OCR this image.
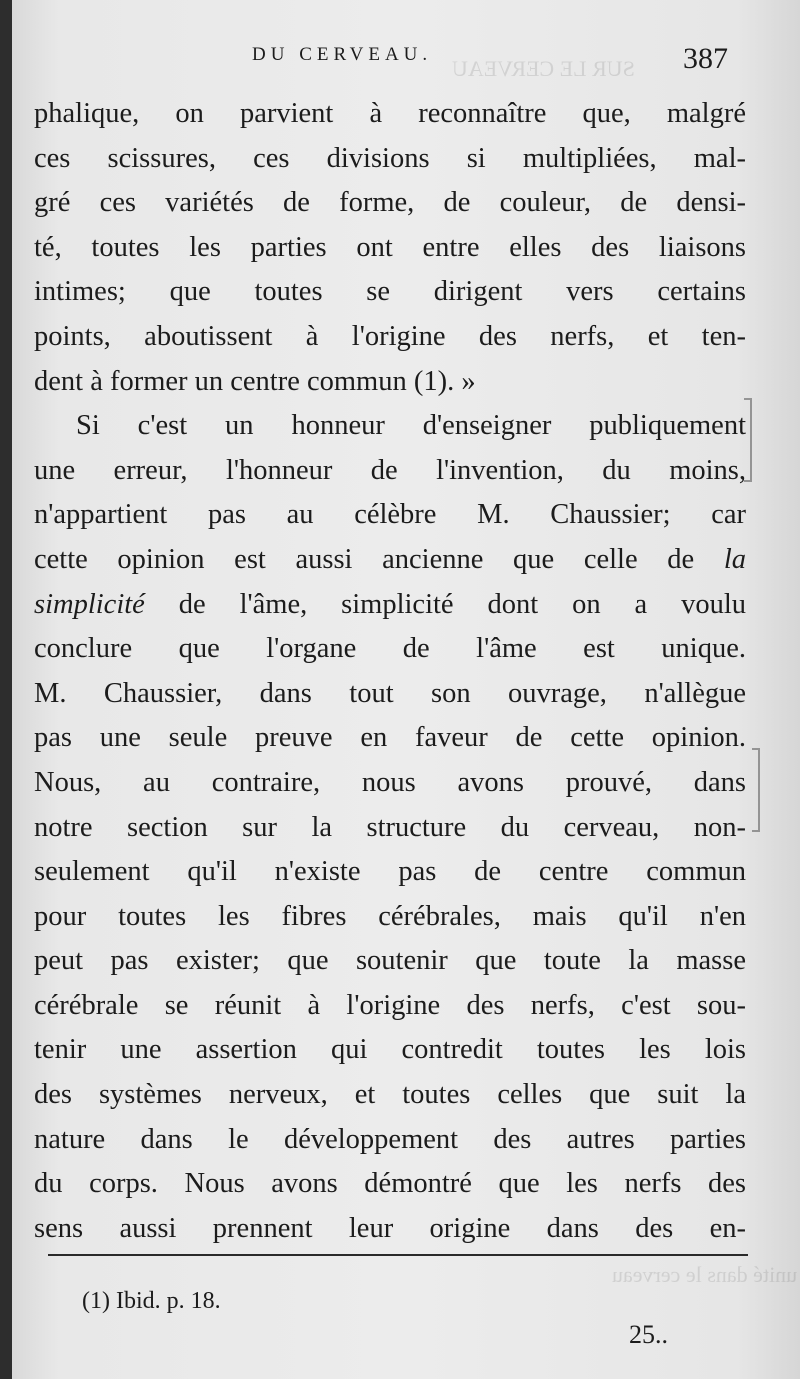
SUR LE CERVEAU
unité dans le cerveau
DU CERVEAU.	387
phalique, on parvient à reconnaître que, malgré
ces scissures, ces divisions si multipliées, mal-
gré ces variétés de forme, de couleur, de densi-
té, toutes les parties ont entre elles des liaisons
intimes; que toutes se dirigent vers certains
points, aboutissent à l'origine des nerfs, et ten-
dent à former un centre commun (1). »
Si c'est un honneur d'enseigner publiquement
une erreur, l'honneur de l'invention, du moins,
n'appartient pas au célèbre M. Chaussier; car
cette opinion est aussi ancienne que celle de la
simplicité de l'âme, simplicité dont on a voulu
conclure que l'organe de l'âme est unique.
M. Chaussier, dans tout son ouvrage, n'allègue
pas une seule preuve en faveur de cette opinion.
Nous, au contraire, nous avons prouvé, dans
notre section sur la structure du cerveau, non-
seulement qu'il n'existe pas de centre commun
pour toutes les fibres cérébrales, mais qu'il n'en
peut pas exister; que soutenir que toute la masse
cérébrale se réunit à l'origine des nerfs, c'est sou-
tenir une assertion qui contredit toutes les lois
des systèmes nerveux, et toutes celles que suit la
nature dans le développement des autres parties
du corps. Nous avons démontré que les nerfs des
sens aussi prennent leur origine dans des en-
(1) Ibid. p. 18.
25..
